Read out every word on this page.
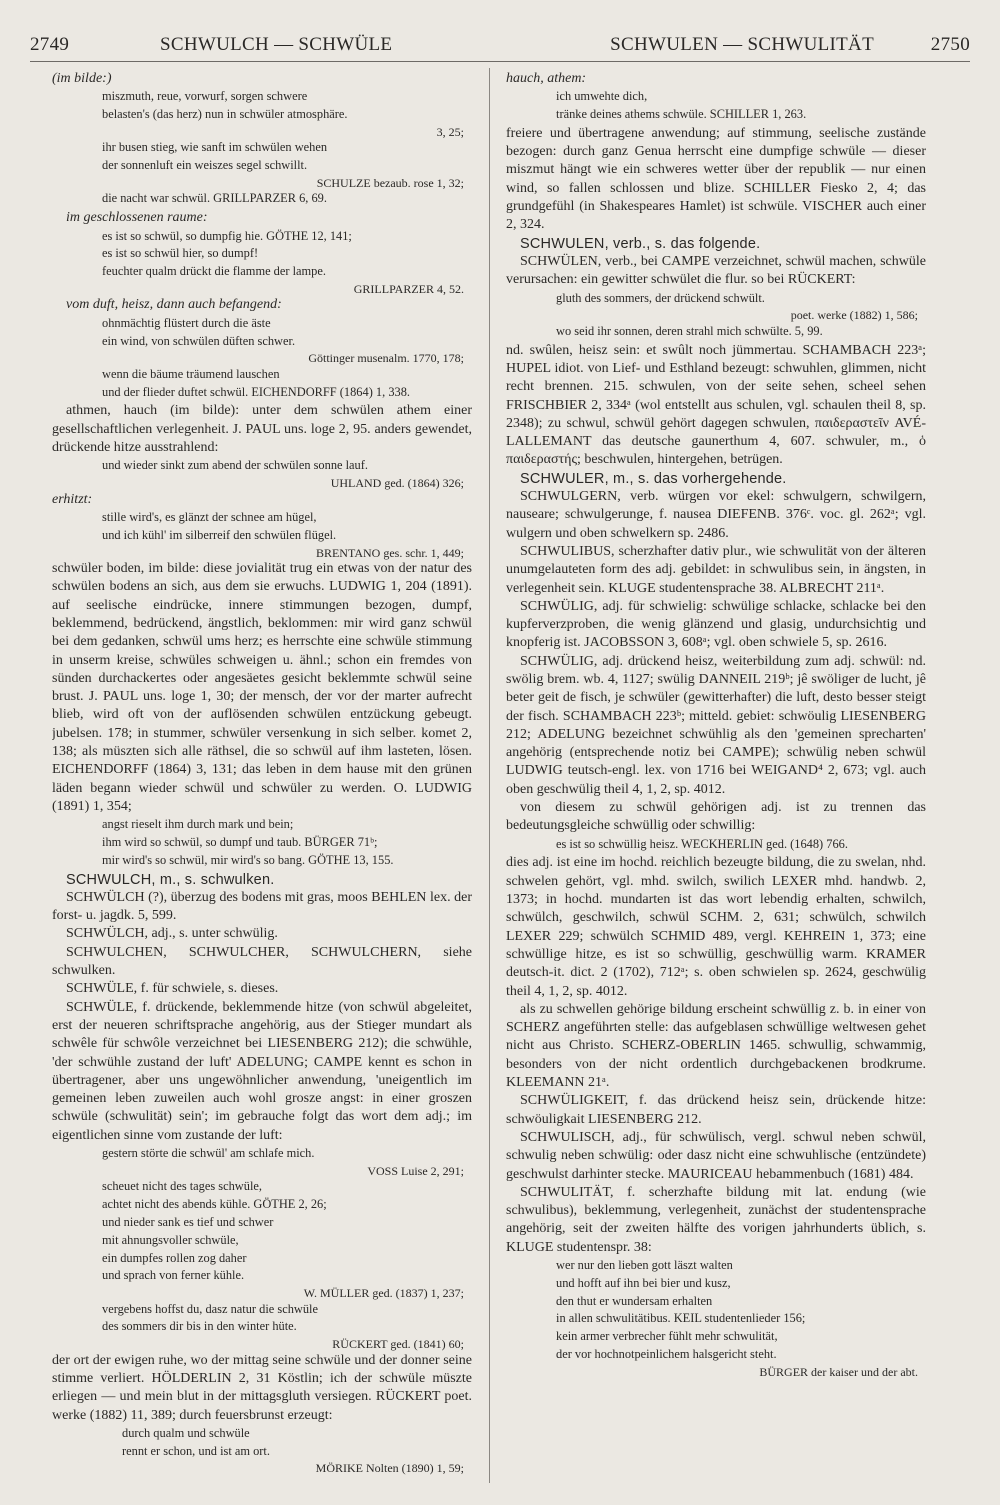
2749	SCHWULCH — SCHWÜLE	SCHWULEN — SCHWULITÄT	2750

(im bilde:)

miszmuth, reue, vorwurf, sorgen schwere

belasten's (das herz) nun in schwüler atmosphäre.

3, 25;

ihr busen stieg, wie sanft im schwülen wehen

der sonnenluft ein weiszes segel schwillt.

SCHULZE bezaub. rose 1, 32;

die nacht war schwül. GRILLPARZER 6, 69.

im geschlossenen raume:

es ist so schwül, so dumpfig hie. GÖTHE 12, 141;

es ist so schwül hier, so dumpf!

feuchter qualm drückt die flamme der lampe.

GRILLPARZER 4, 52.

vom duft, heisz, dann auch befangend:

ohnmächtig flüstert durch die äste

ein wind, von schwülen düften schwer.

Göttinger musenalm. 1770, 178;

wenn die bäume träumend lauschen

und der flieder duftet schwül. EICHENDORFF (1864) 1, 338.

athmen, hauch (im bilde): unter dem schwülen athem einer gesellschaftlichen verlegenheit. J. PAUL uns. loge 2, 95. anders gewendet, drückende hitze ausstrahlend:

und wieder sinkt zum abend der schwülen sonne lauf.

UHLAND ged. (1864) 326;

erhitzt:

stille wird's, es glänzt der schnee am hügel,

und ich kühl' im silberreif den schwülen flügel.

BRENTANO ges. schr. 1, 449;

schwüler boden, im bilde: diese jovialität trug ein etwas von der natur des schwülen bodens an sich, aus dem sie erwuchs. LUDWIG 1, 204 (1891). auf seelische eindrücke, innere stimmungen bezogen, dumpf, beklemmend, bedrückend, ängstlich, beklommen: mir wird ganz schwül bei dem gedanken, schwül ums herz; es herrschte eine schwüle stimmung in unserm kreise, schwüles schweigen u. ähnl.; schon ein fremdes von sünden durchackertes oder angesäetes gesicht beklemmte schwül seine brust. J. PAUL uns. loge 1, 30; der mensch, der vor der marter aufrecht blieb, wird oft von der auflösenden schwülen entzückung gebeugt. jubelsen. 178; in stummer, schwüler versenkung in sich selber. komet 2, 138; als müszten sich alle räthsel, die so schwül auf ihm lasteten, lösen. EICHENDORFF (1864) 3, 131; das leben in dem hause mit den grünen läden begann wieder schwül und schwüler zu werden. O. LUDWIG (1891) 1, 354;

angst rieselt ihm durch mark und bein;

ihm wird so schwül, so dumpf und taub. BÜRGER 71ᵇ;

mir wird's so schwül, mir wird's so bang. GÖTHE 13, 155.

SCHWULCH, m., s. schwulken.

SCHWÜLCH (?), überzug des bodens mit gras, moos BEHLEN lex. der forst- u. jagdk. 5, 599.

SCHWÜLCH, adj., s. unter schwülig.

SCHWULCHEN, SCHWULCHER, SCHWULCHERN, siehe schwulken.

SCHWÜLE, f. für schwiele, s. dieses.

SCHWÜLE, f. drückende, beklemmende hitze (von schwül abgeleitet, erst der neueren schriftsprache angehörig, aus der Stieger mundart als schwêle für schwôle verzeichnet bei LIESENBERG 212); die schwühle, 'der schwühle zustand der luft' ADELUNG; CAMPE kennt es schon in übertragener, aber uns ungewöhnlicher anwendung, 'uneigentlich im gemeinen leben zuweilen auch wohl grosze angst: in einer groszen schwüle (schwulität) sein'; im gebrauche folgt das wort dem adj.; im eigentlichen sinne vom zustande der luft:

gestern störte die schwül' am schlafe mich.

VOSS Luise 2, 291;

scheuet nicht des tages schwüle,

achtet nicht des abends kühle. GÖTHE 2, 26;

und nieder sank es tief und schwer

mit ahnungsvoller schwüle,

ein dumpfes rollen zog daher

und sprach von ferner kühle.

W. MÜLLER ged. (1837) 1, 237;

vergebens hoffst du, dasz natur die schwüle

des sommers dir bis in den winter hüte.

RÜCKERT ged. (1841) 60;

der ort der ewigen ruhe, wo der mittag seine schwüle und der donner seine stimme verliert. HÖLDERLIN 2, 31 Köstlin; ich der schwüle müszte erliegen — und mein blut in der mittagsgluth versiegen. RÜCKERT poet. werke (1882) 11, 389; durch feuersbrunst erzeugt:

durch qualm und schwüle

rennt er schon, und ist am ort.

MÖRIKE Nolten (1890) 1, 59;

hauch, athem:

ich umwehte dich,

tränke deines athems schwüle. SCHILLER 1, 263.

freiere und übertragene anwendung; auf stimmung, seelische zustände bezogen: durch ganz Genua herrscht eine dumpfige schwüle — dieser miszmut hängt wie ein schweres wetter über der republik — nur einen wind, so fallen schlossen und blize. SCHILLER Fiesko 2, 4; das grundgefühl (in Shakespeares Hamlet) ist schwüle. VISCHER auch einer 2, 324.

SCHWULEN, verb., s. das folgende.

SCHWÜLEN, verb., bei CAMPE verzeichnet, schwül machen, schwüle verursachen: ein gewitter schwület die flur. so bei RÜCKERT:

gluth des sommers, der drückend schwült.

poet. werke (1882) 1, 586;

wo seid ihr sonnen, deren strahl mich schwülte. 5, 99.

nd. swûlen, heisz sein: et swûlt noch jümmertau. SCHAMBACH 223ᵃ; HUPEL idiot. von Lief- und Esthland bezeugt: schwuhlen, glimmen, nicht recht brennen. 215. schwulen, von der seite sehen, scheel sehen FRISCHBIER 2, 334ᵃ (wol entstellt aus schulen, vgl. schaulen theil 8, sp. 2348); zu schwul, schwül gehört dagegen schwulen, παιδεραστεῖν AVÉ-LALLEMANT das deutsche gaunerthum 4, 607. schwuler, m., ὁ παιδεραστής; beschwulen, hintergehen, betrügen.

SCHWULER, m., s. das vorhergehende.

SCHWULGERN, verb. würgen vor ekel: schwulgern, schwilgern, nauseare; schwulgerunge, f. nausea DIEFENB. 376ᶜ. voc. gl. 262ᵃ; vgl. wulgern und oben schwelkern sp. 2486.

SCHWULIBUS, scherzhafter dativ plur., wie schwulität von der älteren unumgelauteten form des adj. gebildet: in schwulibus sein, in ängsten, in verlegenheit sein. KLUGE studentensprache 38. ALBRECHT 211ᵃ.

SCHWÜLIG, adj. für schwielig: schwülige schlacke, schlacke bei den kupferverzproben, die wenig glänzend und glasig, undurchsichtig und knopferig ist. JACOBSSON 3, 608ᵃ; vgl. oben schwiele 5, sp. 2616.

SCHWÜLIG, adj. drückend heisz, weiterbildung zum adj. schwül: nd. swölig brem. wb. 4, 1127; swülig DANNEIL 219ᵇ; jê swöliger de lucht, jê beter geit de fisch, je schwüler (gewitterhafter) die luft, desto besser steigt der fisch. SCHAMBACH 223ᵇ; mitteld. gebiet: schwöulig LIESENBERG 212; ADELUNG bezeichnet schwühlig als den 'gemeinen sprecharten' angehörig (entsprechende notiz bei CAMPE); schwülig neben schwül LUDWIG teutsch-engl. lex. von 1716 bei WEIGAND⁴ 2, 673; vgl. auch oben geschwülig theil 4, 1, 2, sp. 4012.

von diesem zu schwül gehörigen adj. ist zu trennen das bedeutungsgleiche schwüllig oder schwillig:

es ist so schwüllig heisz. WECKHERLIN ged. (1648) 766.

dies adj. ist eine im hochd. reichlich bezeugte bildung, die zu swelan, nhd. schwelen gehört, vgl. mhd. swilch, swilich LEXER mhd. handwb. 2, 1373; in hochd. mundarten ist das wort lebendig erhalten, schwilch, schwülch, geschwilch, schwül SCHM. 2, 631; schwülch, schwilch LEXER 229; schwülch SCHMID 489, vergl. KEHREIN 1, 373; eine schwüllige hitze, es ist so schwüllig, geschwüllig warm. KRAMER deutsch-it. dict. 2 (1702), 712ᵃ; s. oben schwielen sp. 2624, geschwülig theil 4, 1, 2, sp. 4012.

als zu schwellen gehörige bildung erscheint schwüllig z. b. in einer von SCHERZ angeführten stelle: das aufgeblasen schwüllige weltwesen gehet nicht aus Christo. SCHERZ-OBERLIN 1465. schwullig, schwammig, besonders von der nicht ordentlich durchgebackenen brodkrume. KLEEMANN 21ᵃ.

SCHWÜLIGKEIT, f. das drückend heisz sein, drückende hitze: schwöuligkait LIESENBERG 212.

SCHWULISCH, adj., für schwülisch, vergl. schwul neben schwül, schwulig neben schwülig: oder dasz nicht eine schwuhlische (entzündete) geschwulst darhinter stecke. MAURICEAU hebammenbuch (1681) 484.

SCHWULITÄT, f. scherzhafte bildung mit lat. endung (wie schwulibus), beklemmung, verlegenheit, zunächst der studentensprache angehörig, seit der zweiten hälfte des vorigen jahrhunderts üblich, s. KLUGE studentenspr. 38:

wer nur den lieben gott läszt walten

und hofft auf ihn bei bier und kusz,

den thut er wundersam erhalten

in allen schwulitätibus. KEIL studentenlieder 156;

kein armer verbrecher fühlt mehr schwulität,

der vor hochnotpeinlichem halsgericht steht.

BÜRGER der kaiser und der abt.
